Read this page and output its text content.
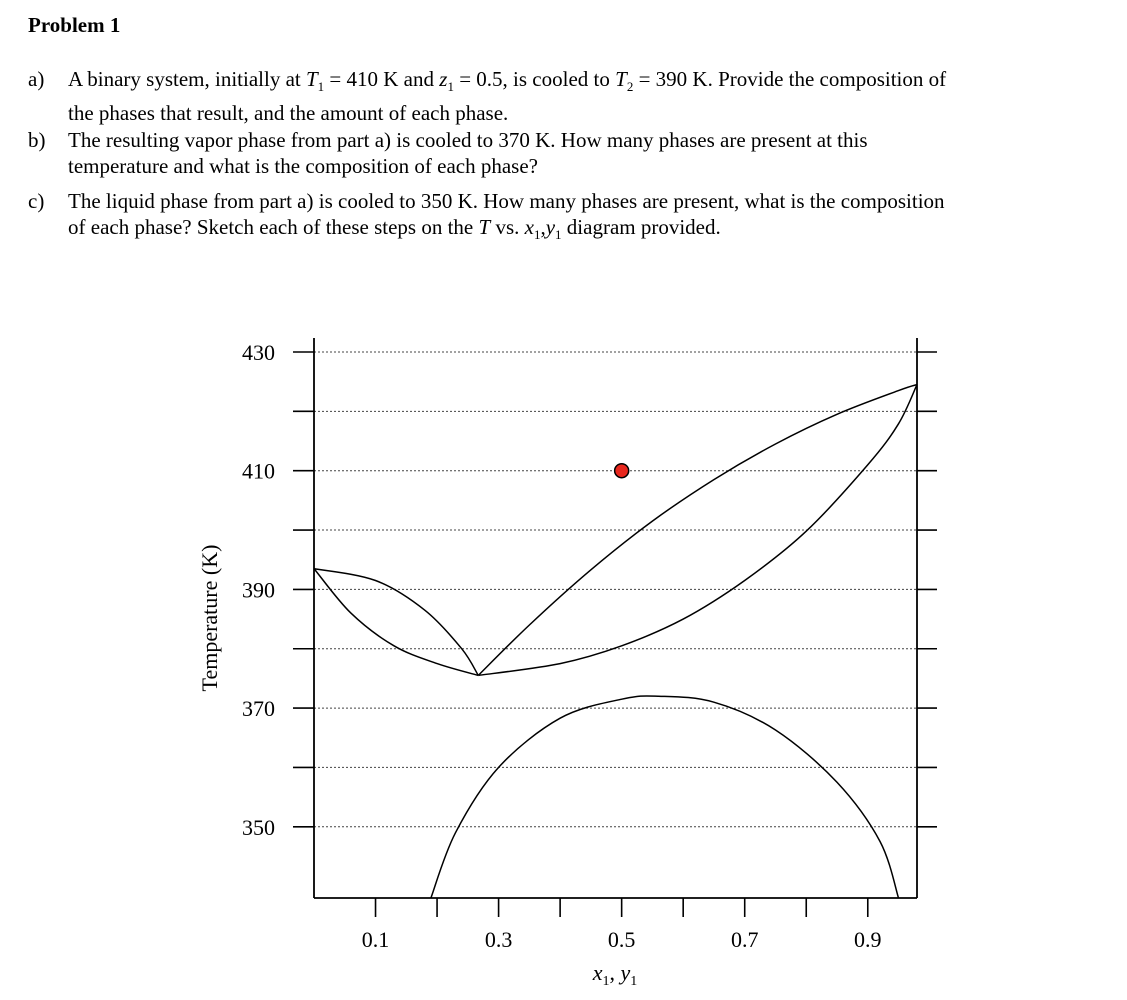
Problem 1
a) A binary system, initially at $T_1 = 410$ K and $z_1 = 0.5$, is cooled to $T_2 = 390$ K. Provide the composition of
the phases that result, and the amount of each phase.
b) The resulting vapor phase from part a) is cooled to 370 K. How many phases are present at this
temperature and what is the composition of each phase?
c) The liquid phase from part a) is cooled to 350 K. How many phases are present, what is the composition
of each phase? Sketch each of these steps on the T vs. $x_1,y_1$ diagram provided.
430
410
390
370
350
0.1	0.3	0.5	0.7	0.9
Temperature (K)
$x_1$, $y_1$
